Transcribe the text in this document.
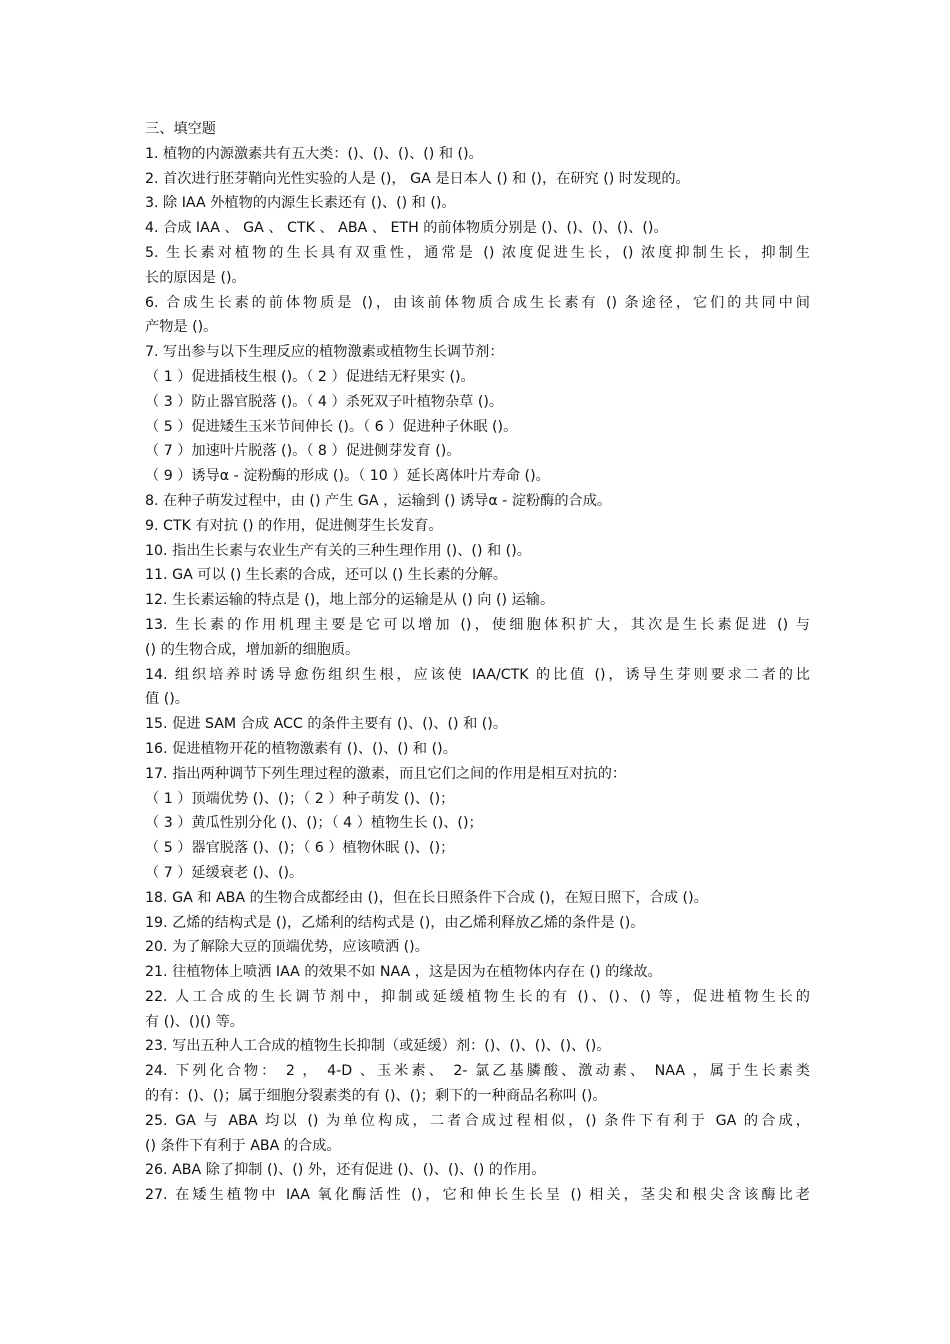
三、填空题
1. 植物的内源激素共有五大类：()、()、()、() 和 ()。
2. 首次进行胚芽鞘向光性实验的人是 ()， GA 是日本人 () 和 ()，在研究 () 时发现的。
3. 除 IAA 外植物的内源生长素还有 ()、() 和 ()。
4. 合成 IAA 、 GA 、 CTK 、 ABA 、 ETH 的前体物质分别是 ()、()、()、()、()。
5. 生长素对植物的生长具有双重性，通常是 () 浓度促进生长，() 浓度抑制生长，抑制生
长的原因是 ()。
6. 合成生长素的前体物质是 ()，由该前体物质合成生长素有 () 条途径，它们的共同中间
产物是 ()。
7. 写出参与以下生理反应的植物激素或植物生长调节剂：
（ 1 ）促进插枝生根 ()。（ 2 ）促进结无籽果实 ()。
（ 3 ）防止器官脱落 ()。（ 4 ）杀死双子叶植物杂草 ()。
（ 5 ）促进矮生玉米节间伸长 ()。（ 6 ）促进种子休眠 ()。
（ 7 ）加速叶片脱落 ()。（ 8 ）促进侧芽发育 ()。
（ 9 ）诱导α - 淀粉酶的形成 ()。（ 10 ）延长离体叶片寿命 ()。
8. 在种子萌发过程中，由 () 产生 GA ，运输到 () 诱导α - 淀粉酶的合成。
9. CTK 有对抗 () 的作用，促进侧芽生长发育。
10. 指出生长素与农业生产有关的三种生理作用 ()、() 和 ()。
11. GA 可以 () 生长素的合成，还可以 () 生长素的分解。
12. 生长素运输的特点是 ()，地上部分的运输是从 () 向 () 运输。
13. 生长素的作用机理主要是它可以增加 ()，使细胞体积扩大，其次是生长素促进 () 与
() 的生物合成，增加新的细胞质。
14. 组织培养时诱导愈伤组织生根，应该使 IAA/CTK 的比值 ()，诱导生芽则要求二者的比
值 ()。
15. 促进 SAM 合成 ACC 的条件主要有 ()、()、() 和 ()。
16. 促进植物开花的植物激素有 ()、()、() 和 ()。
17. 指出两种调节下列生理过程的激素，而且它们之间的作用是相互对抗的：
（ 1 ）顶端优势 ()、()；（ 2 ）种子萌发 ()、()；
（ 3 ）黄瓜性别分化 ()、()；（ 4 ）植物生长 ()、()；
（ 5 ）器官脱落 ()、()；（ 6 ）植物休眠 ()、()；
（ 7 ）延缓衰老 ()、()。
18. GA 和 ABA 的生物合成都经由 ()，但在长日照条件下合成 ()，在短日照下，合成 ()。
19. 乙烯的结构式是 ()，乙烯利的结构式是 ()，由乙烯利释放乙烯的条件是 ()。
20. 为了解除大豆的顶端优势，应该喷洒 ()。
21. 往植物体上喷洒 IAA 的效果不如 NAA ，这是因为在植物体内存在 () 的缘故。
22. 人工合成的生长调节剂中，抑制或延缓植物生长的有 ()、()、() 等，促进植物生长的
有 ()、()() 等。
23. 写出五种人工合成的植物生长抑制（或延缓）剂：()、()、()、()、()。
24. 下列化合物： 2 ， 4-D 、玉米素、 2- 氯乙基膦酸、激动素、 NAA ，属于生长素类
的有：()、()；属于细胞分裂素类的有 ()、()；剩下的一种商品名称叫 ()。
25. GA 与 ABA 均以 () 为单位构成，二者合成过程相似，() 条件下有利于 GA 的合成，
() 条件下有利于 ABA 的合成。
26. ABA 除了抑制 ()、() 外，还有促进 ()、()、()、() 的作用。
27. 在矮生植物中 IAA 氧化酶活性 ()，它和伸长生长呈 () 相关，茎尖和根尖含该酶比老
